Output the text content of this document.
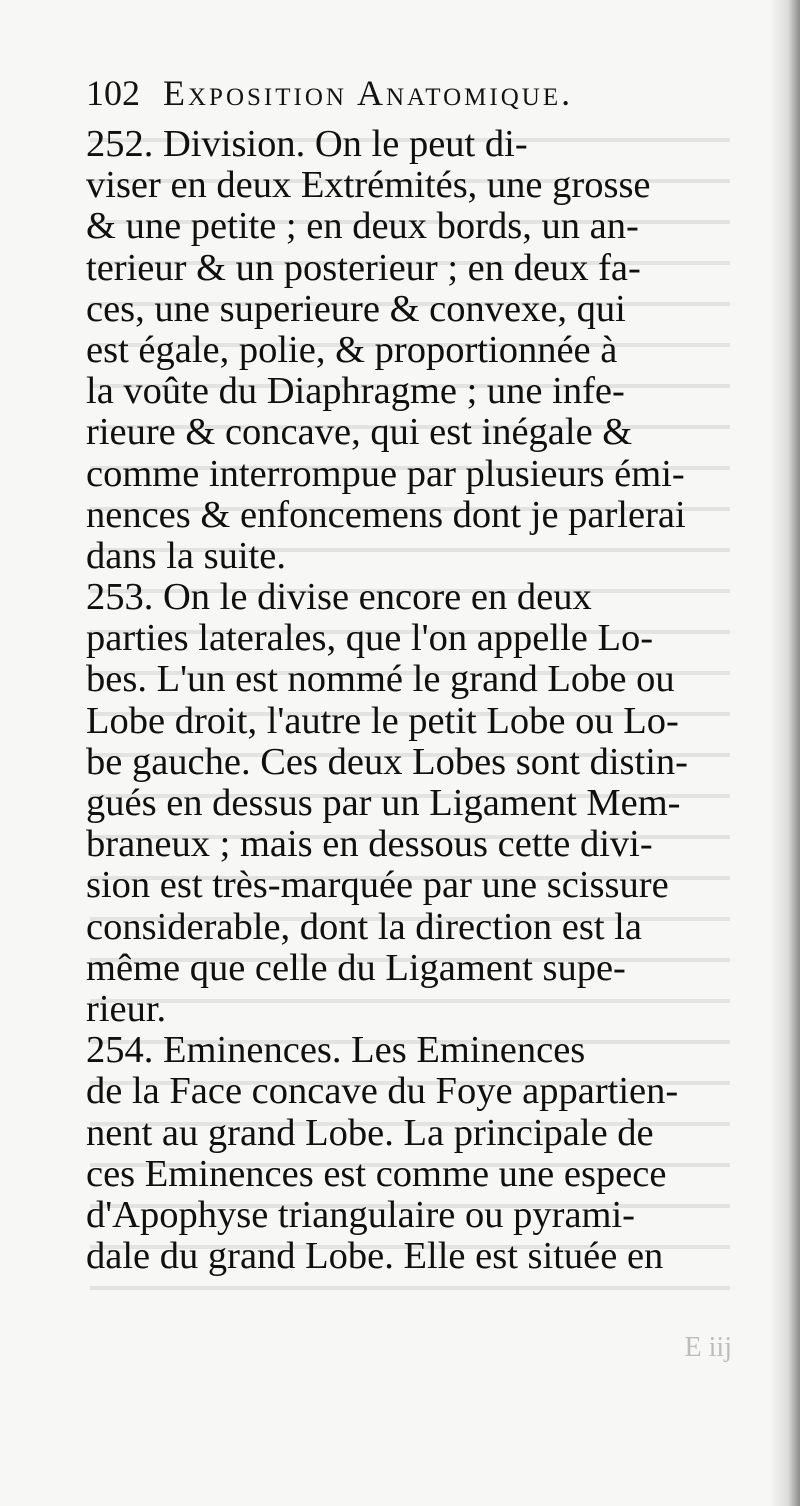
102 Exposition Anatomique.
252. Division. On le peut di-
viser en deux Extrémités, une grosse
& une petite ; en deux bords, un an-
terieur & un posterieur ; en deux fa-
ces, une superieure & convexe, qui
est égale, polie, & proportionnée à
la voûte du Diaphragme ; une infe-
rieure & concave, qui est inégale &
comme interrompue par plusieurs émi-
nences & enfoncemens dont je parlerai
dans la suite.
253. On le divise encore en deux
parties laterales, que l'on appelle Lo-
bes. L'un est nommé le grand Lobe ou
Lobe droit, l'autre le petit Lobe ou Lo-
be gauche. Ces deux Lobes sont distin-
gués en dessus par un Ligament Mem-
braneux ; mais en dessous cette divi-
sion est très-marquée par une scissure
considerable, dont la direction est la
même que celle du Ligament supe-
rieur.
254. Eminences. Les Eminences
de la Face concave du Foye appartien-
nent au grand Lobe. La principale de
ces Eminences est comme une espece
d'Apophyse triangulaire ou pyrami-
dale du grand Lobe. Elle est située en
E iij
